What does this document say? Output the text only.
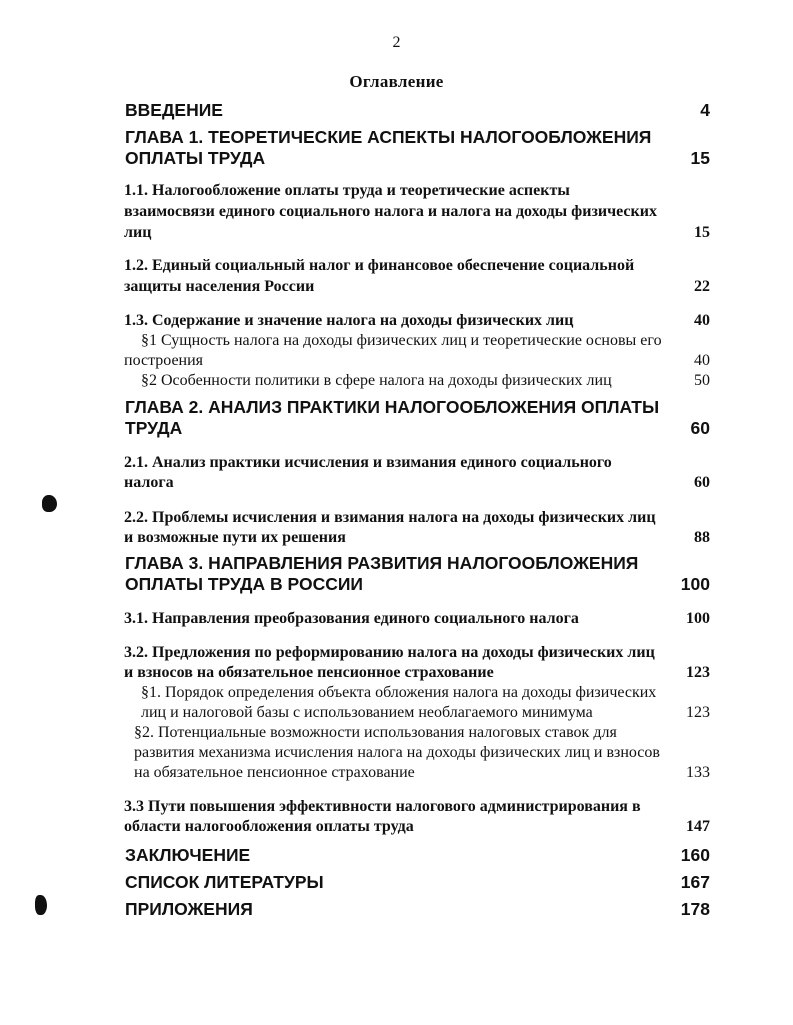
2
Оглавление
ВВЕДЕНИЕ	4
ГЛАВА 1. ТЕОРЕТИЧЕСКИЕ АСПЕКТЫ НАЛОГООБЛОЖЕНИЯ
ОПЛАТЫ ТРУДА	15
1.1. Налогообложение оплаты труда и теоретические аспекты
взаимосвязи единого социального налога и налога на доходы физических
лиц	15
1.2. Единый социальный налог и финансовое обеспечение социальной
защиты населения России	22
1.3. Содержание и значение налога на доходы физических лиц	40
§1 Сущность налога на доходы физических лиц и теоретические основы его
построения	40
§2 Особенности политики в сфере налога на доходы физических лиц	50
ГЛАВА 2. АНАЛИЗ ПРАКТИКИ НАЛОГООБЛОЖЕНИЯ ОПЛАТЫ
ТРУДА	60
2.1. Анализ практики исчисления и взимания единого социального
налога	60
2.2. Проблемы исчисления и взимания налога на доходы физических лиц
и возможные пути их решения	88
ГЛАВА 3. НАПРАВЛЕНИЯ РАЗВИТИЯ НАЛОГООБЛОЖЕНИЯ
ОПЛАТЫ ТРУДА В РОССИИ	100
3.1. Направления преобразования единого социального налога	100
3.2. Предложения по реформированию налога на доходы физических лиц
и взносов на обязательное пенсионное страхование	123
§1. Порядок определения объекта обложения налога на доходы физических
лиц и налоговой базы с использованием необлагаемого минимума	123
§2. Потенциальные возможности использования налоговых ставок для
развития механизма исчисления налога на доходы физических лиц и взносов
на обязательное пенсионное страхование	133
3.3 Пути повышения эффективности налогового администрирования в
области налогообложения оплаты труда	147
ЗАКЛЮЧЕНИЕ	160
СПИСОК ЛИТЕРАТУРЫ	167
ПРИЛОЖЕНИЯ	178
